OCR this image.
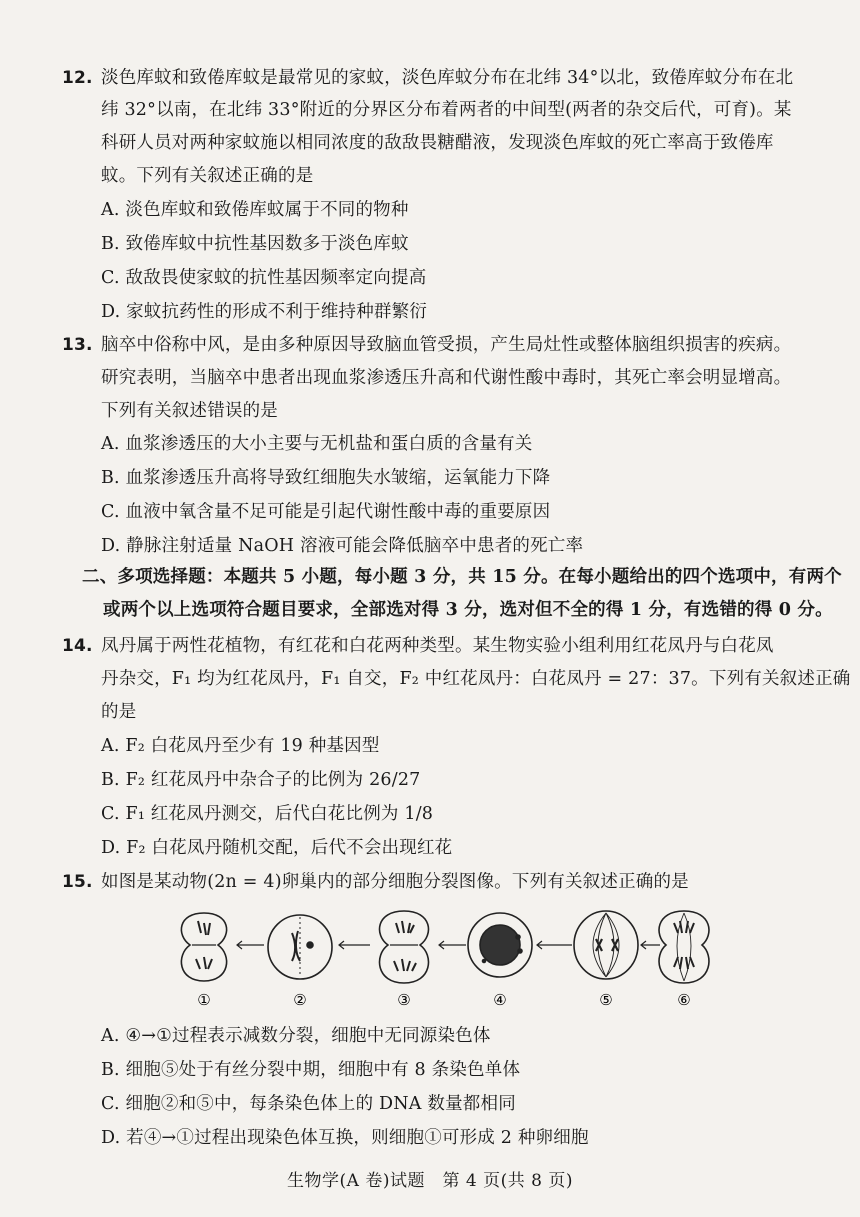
12. 淡色库蚊和致倦库蚊是最常见的家蚊，淡色库蚊分布在北纬 34°以北，致倦库蚊分布在北
纬 32°以南，在北纬 33°附近的分界区分布着两者的中间型(两者的杂交后代，可育)。某
科研人员对两种家蚊施以相同浓度的敌敌畏糖醋液，发现淡色库蚊的死亡率高于致倦库
蚊。下列有关叙述正确的是
A. 淡色库蚊和致倦库蚊属于不同的物种
B. 致倦库蚊中抗性基因数多于淡色库蚊
C. 敌敌畏使家蚊的抗性基因频率定向提高
D. 家蚊抗药性的形成不利于维持种群繁衍
13. 脑卒中俗称中风，是由多种原因导致脑血管受损，产生局灶性或整体脑组织损害的疾病。
研究表明，当脑卒中患者出现血浆渗透压升高和代谢性酸中毒时，其死亡率会明显增高。
下列有关叙述错误的是
A. 血浆渗透压的大小主要与无机盐和蛋白质的含量有关
B. 血浆渗透压升高将导致红细胞失水皱缩，运氧能力下降
C. 血液中氧含量不足可能是引起代谢性酸中毒的重要原因
D. 静脉注射适量 NaOH 溶液可能会降低脑卒中患者的死亡率
二、多项选择题：本题共 5 小题，每小题 3 分，共 15 分。在每小题给出的四个选项中，有两个
或两个以上选项符合题目要求，全部选对得 3 分，选对但不全的得 1 分，有选错的得 0 分。
14. 凤丹属于两性花植物，有红花和白花两种类型。某生物实验小组利用红花凤丹与白花凤
丹杂交，F₁ 均为红花凤丹，F₁ 自交，F₂ 中红花凤丹：白花凤丹 = 27：37。下列有关叙述正确
的是
A. F₂ 白花凤丹至少有 19 种基因型
B. F₂ 红花凤丹中杂合子的比例为 26/27
C. F₁ 红花凤丹测交，后代白花比例为 1/8
D. F₂ 白花凤丹随机交配，后代不会出现红花
15. 如图是某动物(2n = 4)卵巢内的部分细胞分裂图像。下列有关叙述正确的是
①	②	③	④	⑤	⑥
A. ④→①过程表示减数分裂，细胞中无同源染色体
B. 细胞⑤处于有丝分裂中期，细胞中有 8 条染色单体
C. 细胞②和⑤中，每条染色体上的 DNA 数量都相同
D. 若④→①过程出现染色体互换，则细胞①可形成 2 种卵细胞
生物学(A 卷)试题　第 4 页(共 8 页)
